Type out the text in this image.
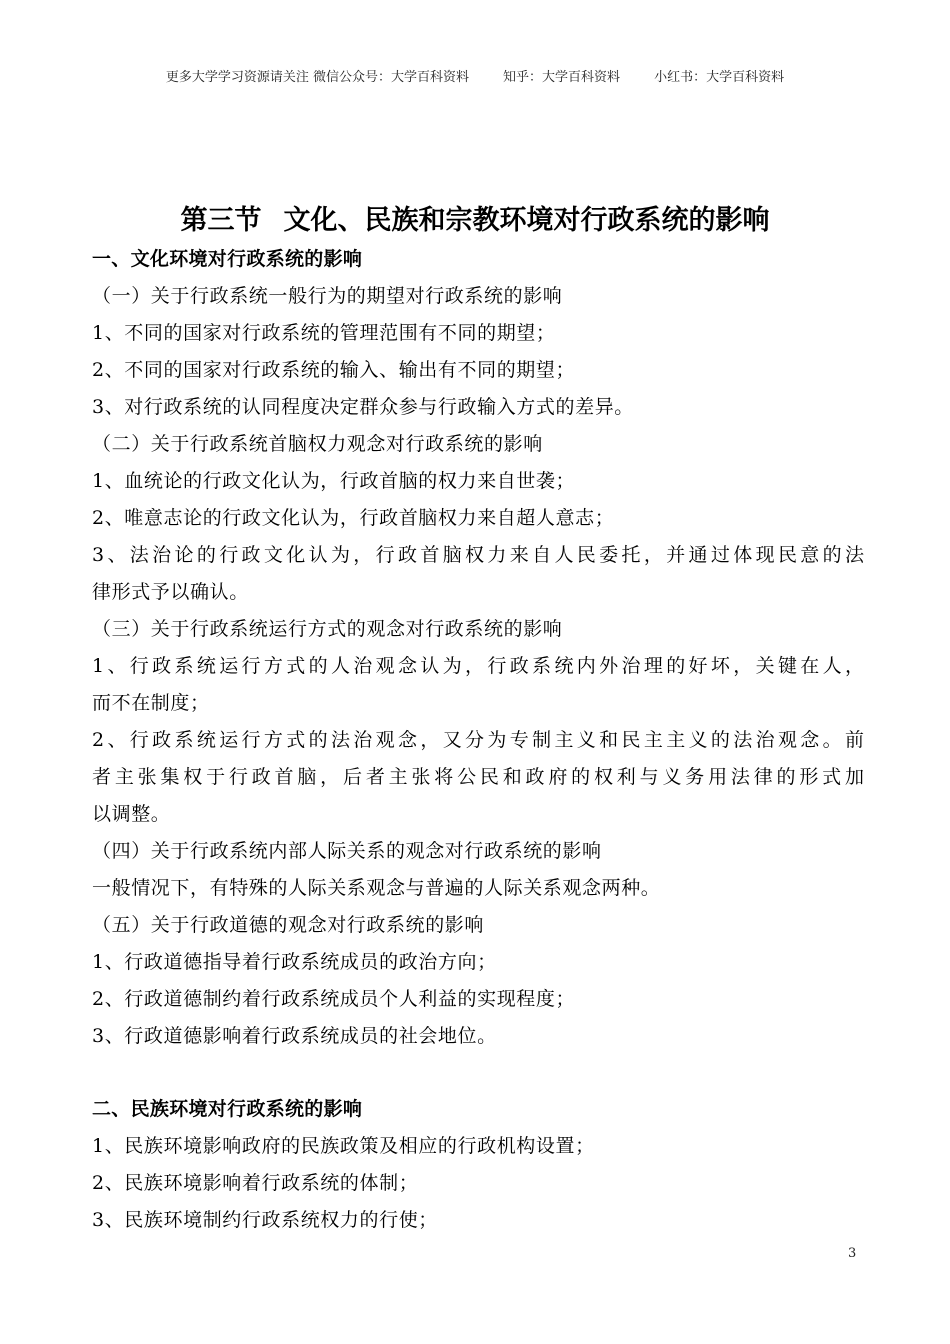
更多大学学习资源请关注 微信公众号：大学百科资料	知乎：大学百科资料	小红书：大学百科资料
第三节 文化、民族和宗教环境对行政系统的影响
一、文化环境对行政系统的影响
（一）关于行政系统一般行为的期望对行政系统的影响
1、不同的国家对行政系统的管理范围有不同的期望；
2、不同的国家对行政系统的输入、输出有不同的期望；
3、对行政系统的认同程度决定群众参与行政输入方式的差异。
（二）关于行政系统首脑权力观念对行政系统的影响
1、血统论的行政文化认为，行政首脑的权力来自世袭；
2、唯意志论的行政文化认为，行政首脑权力来自超人意志；
3、法治论的行政文化认为，行政首脑权力来自人民委托，并通过体现民意的法
律形式予以确认。
（三）关于行政系统运行方式的观念对行政系统的影响
1、行政系统运行方式的人治观念认为，行政系统内外治理的好坏，关键在人，
而不在制度；
2、行政系统运行方式的法治观念，又分为专制主义和民主主义的法治观念。前
者主张集权于行政首脑，后者主张将公民和政府的权利与义务用法律的形式加
以调整。
（四）关于行政系统内部人际关系的观念对行政系统的影响
一般情况下，有特殊的人际关系观念与普遍的人际关系观念两种。
（五）关于行政道德的观念对行政系统的影响
1、行政道德指导着行政系统成员的政治方向；
2、行政道德制约着行政系统成员个人利益的实现程度；
3、行政道德影响着行政系统成员的社会地位。
二、民族环境对行政系统的影响
1、民族环境影响政府的民族政策及相应的行政机构设置；
2、民族环境影响着行政系统的体制；
3、民族环境制约行政系统权力的行使；
3
